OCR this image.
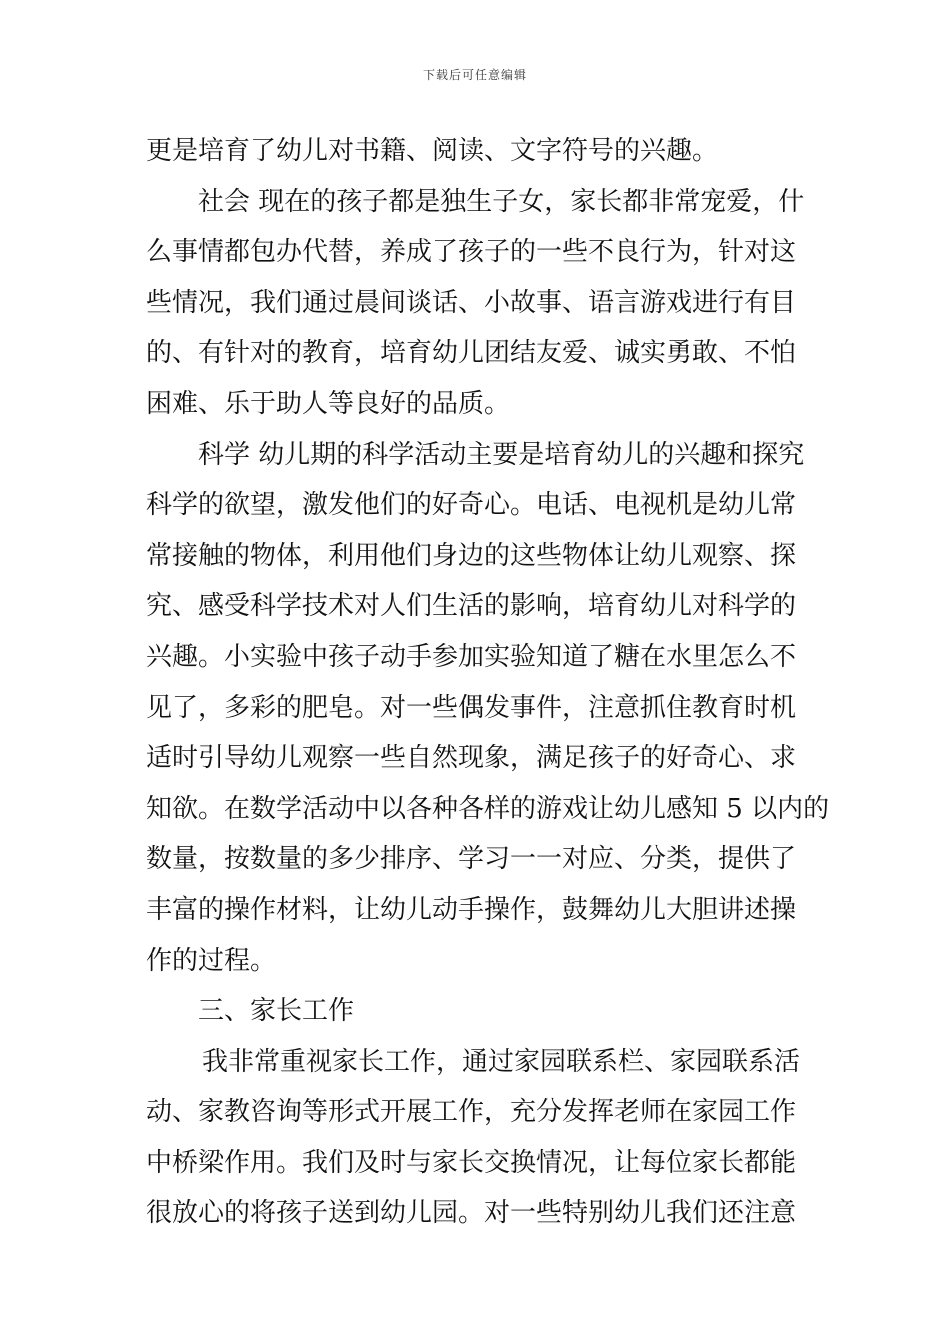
下载后可任意编辑
更是培育了幼儿对书籍、阅读、文字符号的兴趣。
社会 现在的孩子都是独生子女，家长都非常宠爱，什
么事情都包办代替，养成了孩子的一些不良行为，针对这
些情况，我们通过晨间谈话、小故事、语言游戏进行有目
的、有针对的教育，培育幼儿团结友爱、诚实勇敢、不怕
困难、乐于助人等良好的品质。
科学 幼儿期的科学活动主要是培育幼儿的兴趣和探究
科学的欲望，激发他们的好奇心。电话、电视机是幼儿常
常接触的物体，利用他们身边的这些物体让幼儿观察、探
究、感受科学技术对人们生活的影响，培育幼儿对科学的
兴趣。小实验中孩子动手参加实验知道了糖在水里怎么不
见了，多彩的肥皂。对一些偶发事件，注意抓住教育时机
适时引导幼儿观察一些自然现象，满足孩子的好奇心、求
知欲。在数学活动中以各种各样的游戏让幼儿感知 5 以内的
数量，按数量的多少排序、学习一一对应、分类，提供了
丰富的操作材料，让幼儿动手操作，鼓舞幼儿大胆讲述操
作的过程。
三、家长工作
我非常重视家长工作，通过家园联系栏、家园联系活
动、家教咨询等形式开展工作，充分发挥老师在家园工作
中桥梁作用。我们及时与家长交换情况，让每位家长都能
很放心的将孩子送到幼儿园。对一些特别幼儿我们还注意
